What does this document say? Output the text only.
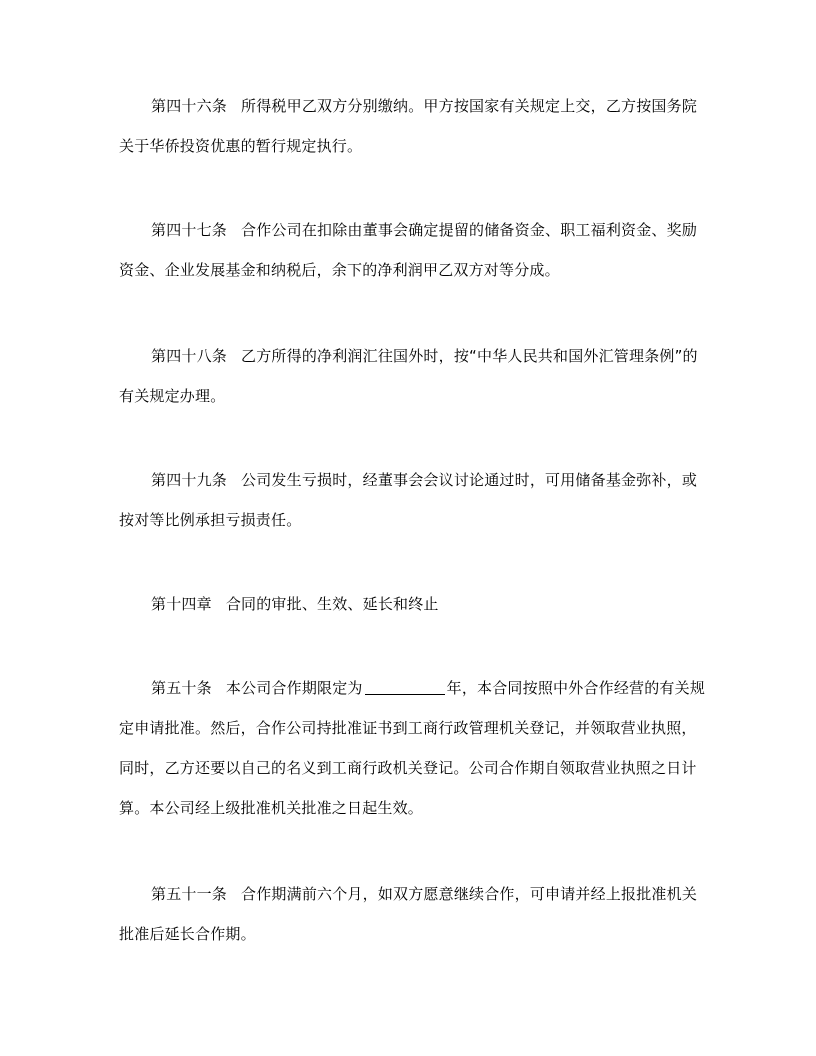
第四十六条 所得税甲乙双方分别缴纳。甲方按国家有关规定上交，乙方按国务院关于华侨投资优惠的暂行规定执行。

第四十七条 合作公司在扣除由董事会确定提留的储备资金、职工福利资金、奖励资金、企业发展基金和纳税后，余下的净利润甲乙双方对等分成。

第四十八条 乙方所得的净利润汇往国外时，按“中华人民共和国外汇管理条例”的有关规定办理。

第四十九条 公司发生亏损时，经董事会会议讨论通过时，可用储备基金弥补，或按对等比例承担亏损责任。

第十四章 合同的审批、生效、延长和终止

第五十条 本公司合作期限定为	年，本合同按照中外合作经营的有关规定申请批准。然后，合作公司持批准证书到工商行政管理机关登记，并领取营业执照，同时，乙方还要以自己的名义到工商行政机关登记。公司合作期自领取营业执照之日计算。本公司经上级批准机关批准之日起生效。

第五十一条 合作期满前六个月，如双方愿意继续合作，可申请并经上报批准机关批准后延长合作期。
